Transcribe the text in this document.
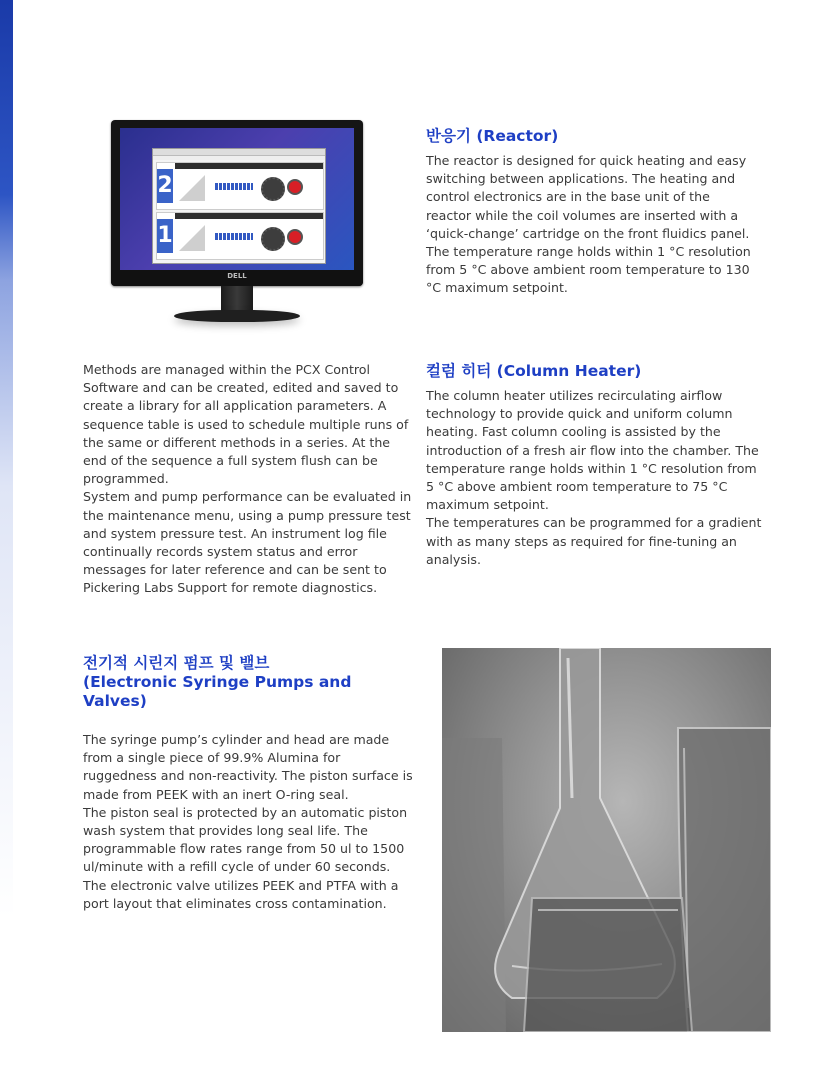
2
1
DELL
반응기 (Reactor)

The reactor is designed for quick heating and easy switching between applications. The heating and control electronics are in the base unit of the reactor while the coil volumes are inserted with a ‘quick-change’ cartridge on the front fluidics panel.
The temperature range holds within 1 °C resolution from 5 °C above ambient room temperature to 130 °C maximum setpoint.

Methods are managed within the PCX Control Software and can be created, edited and saved to create a library for all application parameters. A sequence table is used to schedule multiple runs of the same or different methods in a series. At the end of the sequence a full system flush can be programmed.
System and pump performance can be evaluated in the maintenance menu, using a pump pressure test and system pressure test. An instrument log file continually records system status and error messages for later reference and can be sent to Pickering Labs Support for remote diagnostics.

컬럼 히터 (Column Heater)

The column heater utilizes recirculating airflow technology to provide quick and uniform column heating. Fast column cooling is assisted by the introduction of a fresh air flow into the chamber. The temperature range holds within 1 °C resolution from 5 °C above ambient room temperature to 75 °C maximum setpoint.
The temperatures can be programmed for a gradient with as many steps as required for fine-tuning an analysis.

전기적 시린지 펌프 및 밸브
(Electronic Syringe Pumps and Valves)

The syringe pump’s cylinder and head are made from a single piece of 99.9% Alumina for ruggedness and non-reactivity. The piston surface is made from PEEK with an inert O-ring seal.
The piston seal is protected by an automatic piston wash system that provides long seal life. The programmable flow rates range from 50 ul to 1500 ul/minute with a refill cycle of under 60 seconds. The electronic valve utilizes PEEK and PTFA with a port layout that eliminates cross contamination.
